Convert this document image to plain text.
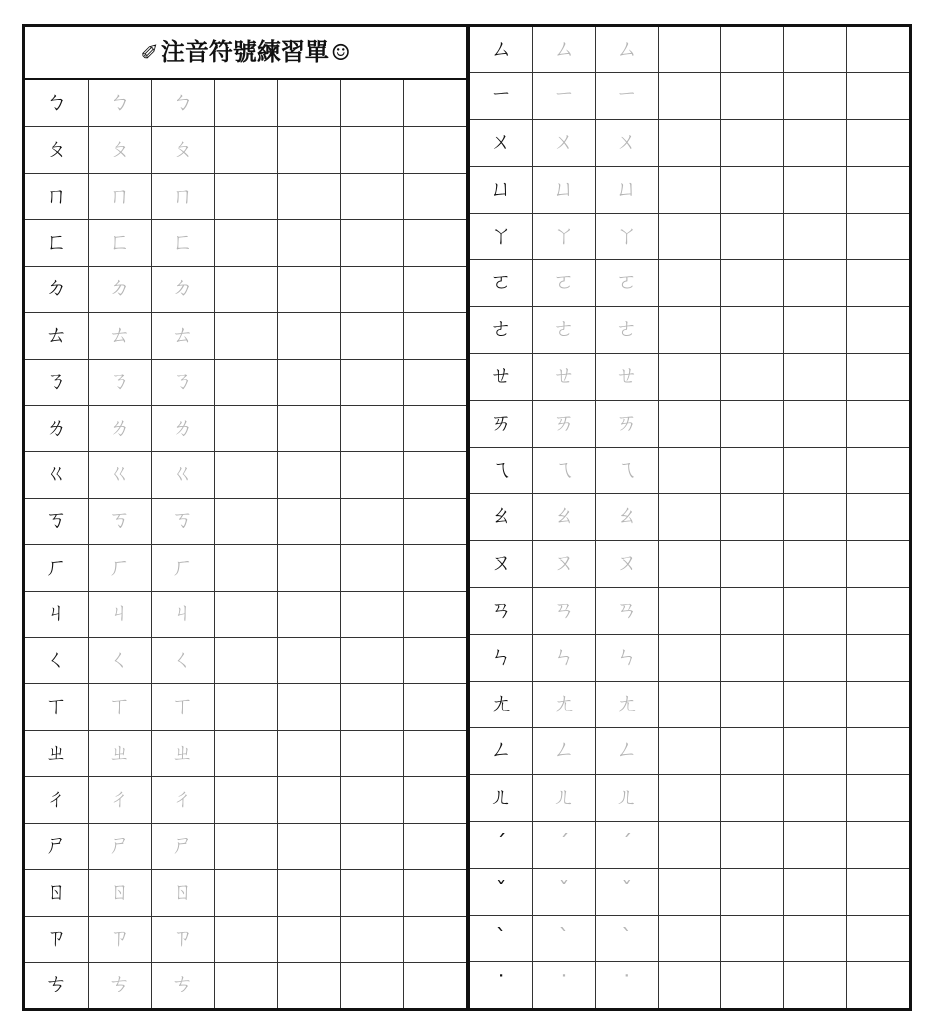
✐注音符號練習單☺						
ㄅ	ㄅ	ㄅ				
ㄆ	ㄆ	ㄆ				
ㄇ	ㄇ	ㄇ				
ㄈ	ㄈ	ㄈ				
ㄉ	ㄉ	ㄉ				
ㄊ	ㄊ	ㄊ				
ㄋ	ㄋ	ㄋ				
ㄌ	ㄌ	ㄌ				
ㄍ	ㄍ	ㄍ				
ㄎ	ㄎ	ㄎ				
ㄏ	ㄏ	ㄏ				
ㄐ	ㄐ	ㄐ				
ㄑ	ㄑ	ㄑ				
ㄒ	ㄒ	ㄒ				
ㄓ	ㄓ	ㄓ				
ㄔ	ㄔ	ㄔ				
ㄕ	ㄕ	ㄕ				
ㄖ	ㄖ	ㄖ				
ㄗ	ㄗ	ㄗ				
ㄘ	ㄘ	ㄘ				
ㄙ	ㄙ	ㄙ				
ㄧ	ㄧ	ㄧ				
ㄨ	ㄨ	ㄨ				
ㄩ	ㄩ	ㄩ				
ㄚ	ㄚ	ㄚ				
ㄛ	ㄛ	ㄛ				
ㄜ	ㄜ	ㄜ				
ㄝ	ㄝ	ㄝ				
ㄞ	ㄞ	ㄞ				
ㄟ	ㄟ	ㄟ				
ㄠ	ㄠ	ㄠ				
ㄡ	ㄡ	ㄡ				
ㄢ	ㄢ	ㄢ				
ㄣ	ㄣ	ㄣ				
ㄤ	ㄤ	ㄤ				
ㄥ	ㄥ	ㄥ				
ㄦ	ㄦ	ㄦ				
ˊ	ˊ	ˊ				
ˇ	ˇ	ˇ				
ˋ	ˋ	ˋ				
˙	˙	˙				
